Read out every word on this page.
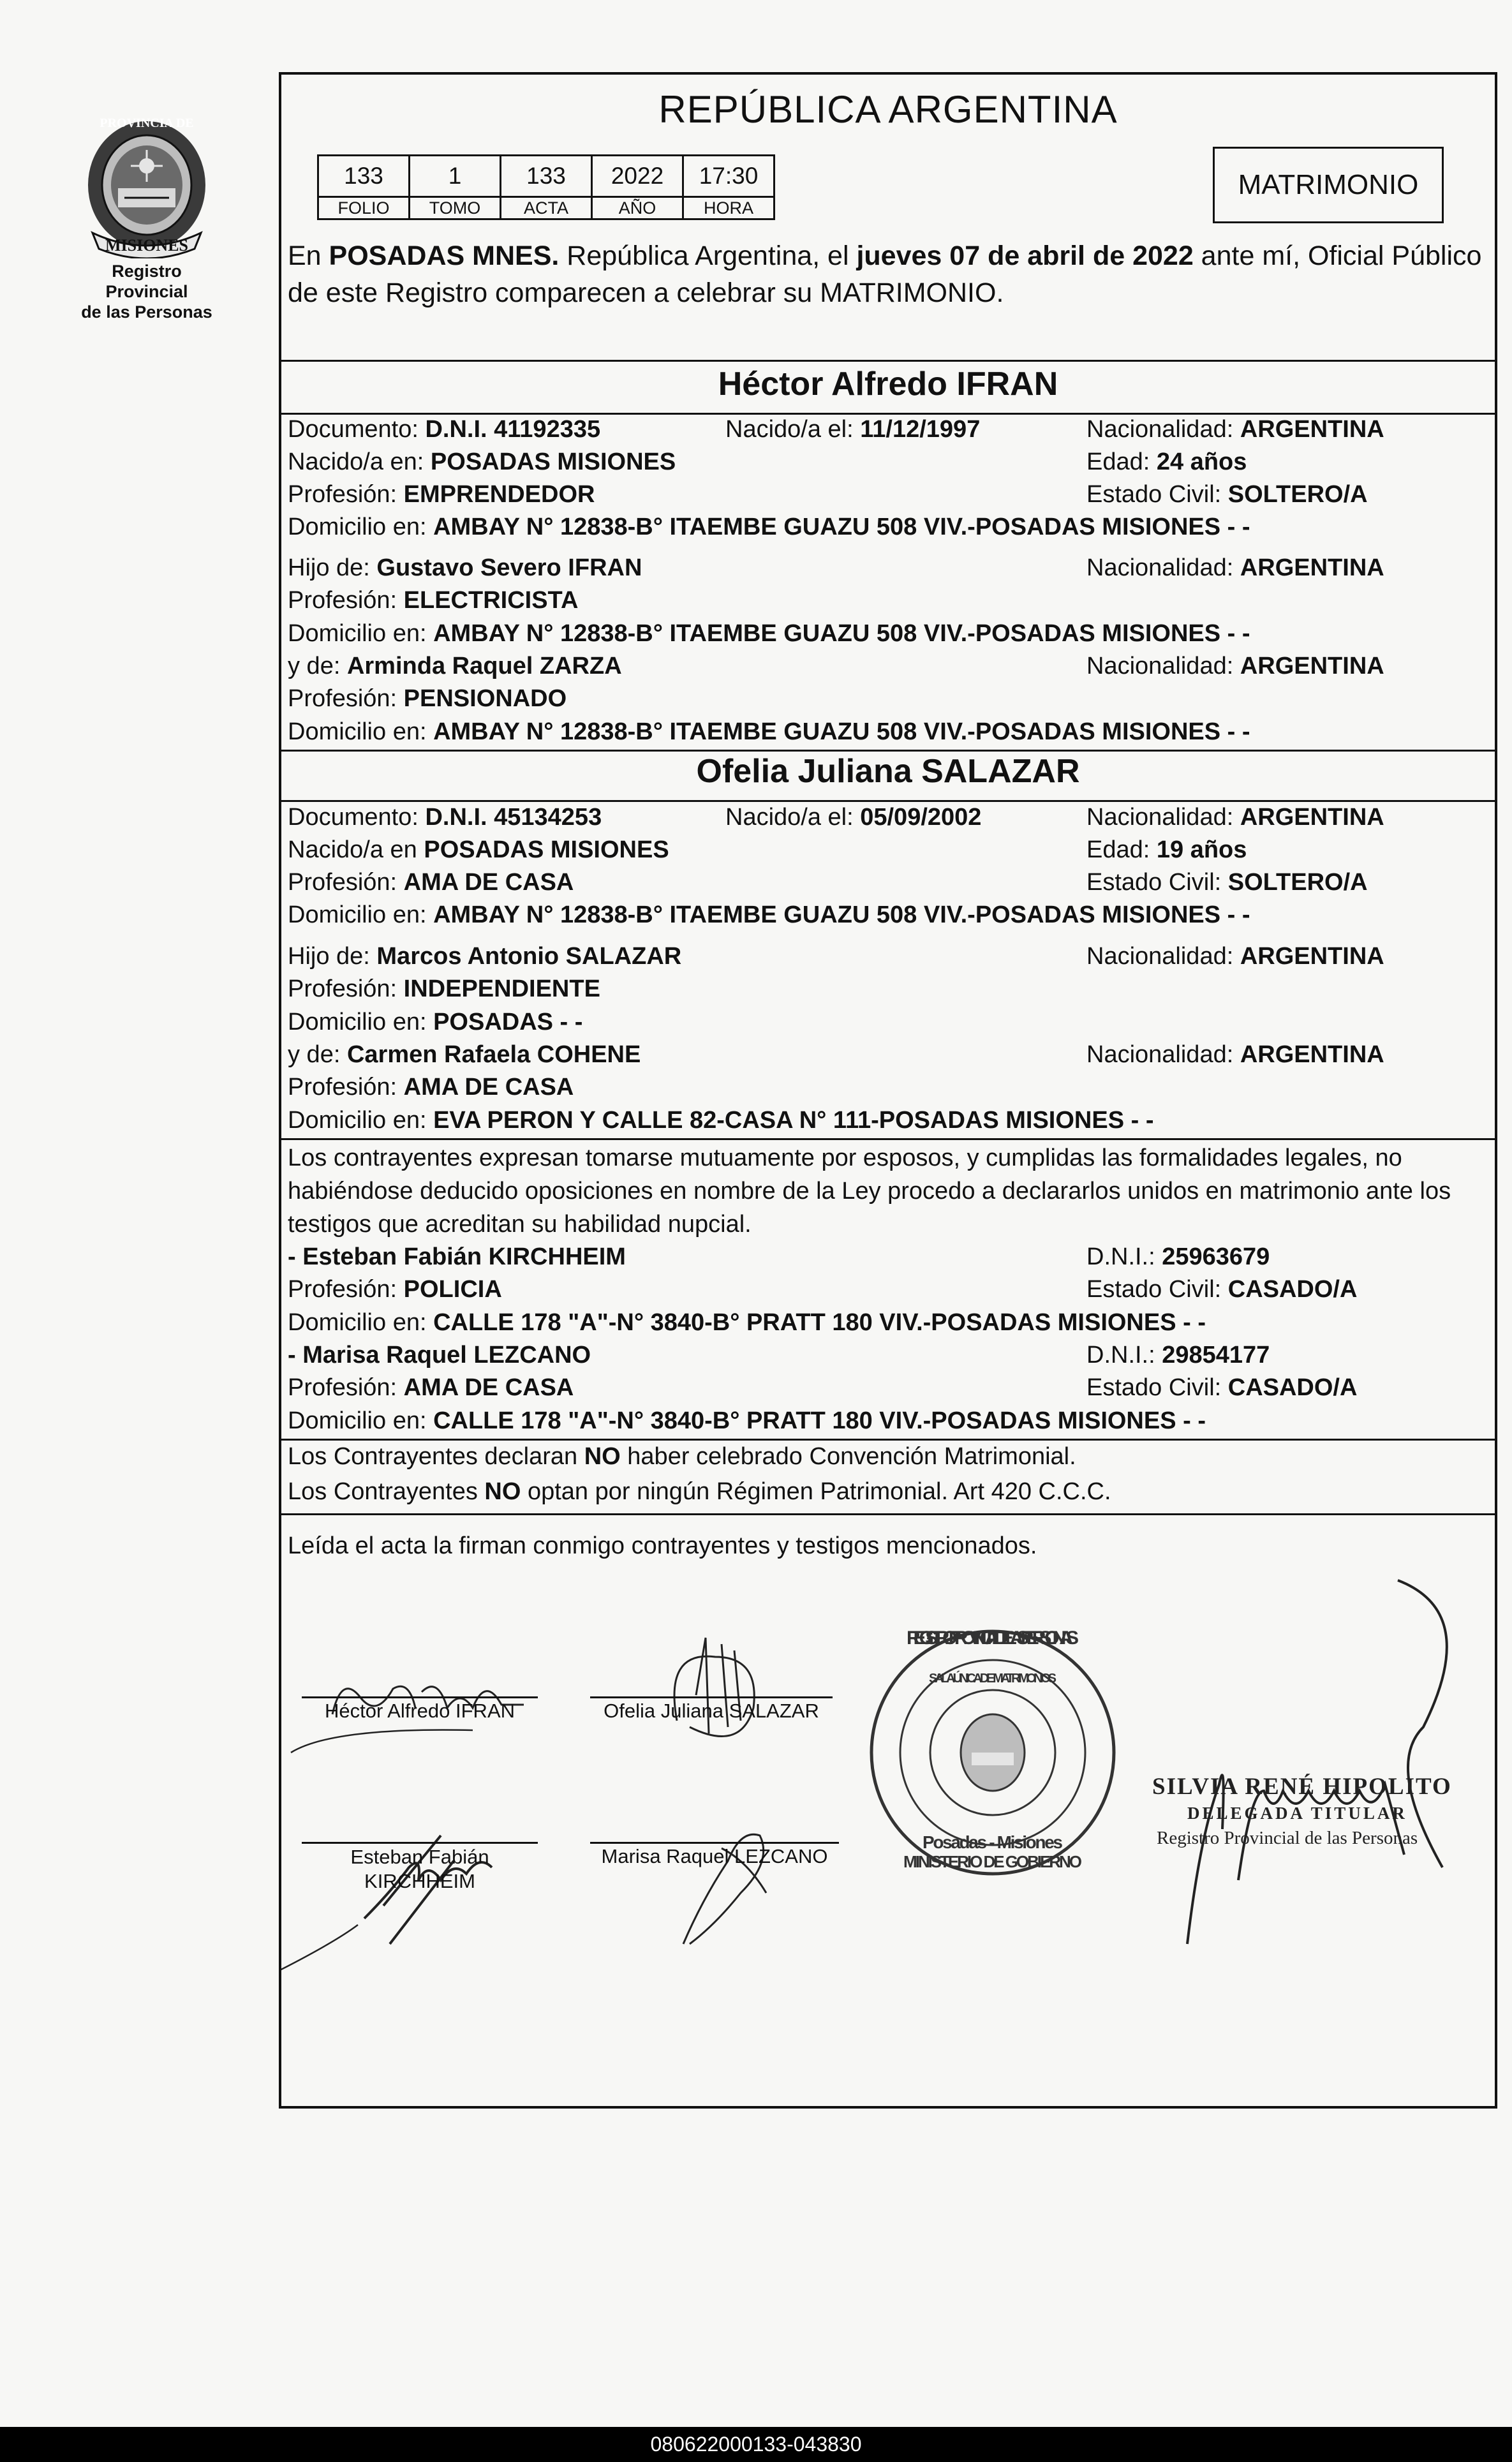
PROVINCIA DE
MISIONES
Registro Provincial
de las Personas
REPÚBLICA ARGENTINA
133	1	133	2022	17:30
FOLIO	TOMO	ACTA	AÑO	HORA
MATRIMONIO
En POSADAS MNES. República Argentina, el jueves 07 de abril de 2022 ante mí, Oficial Público de este Registro comparecen a celebrar su MATRIMONIO.
Héctor Alfredo IFRAN
Documento: D.N.I. 41192335	Nacido/a el: 11/12/1997	Nacionalidad: ARGENTINA
Nacido/a en: POSADAS MISIONES	Edad: 24 años
Profesión: EMPRENDEDOR	Estado Civil: SOLTERO/A
Domicilio en: AMBAY N° 12838-B° ITAEMBE GUAZU 508 VIV.-POSADAS MISIONES - -
Hijo de: Gustavo Severo IFRAN	Nacionalidad: ARGENTINA
Profesión: ELECTRICISTA
Domicilio en: AMBAY N° 12838-B° ITAEMBE GUAZU 508 VIV.-POSADAS MISIONES - -
y de: Arminda Raquel ZARZA	Nacionalidad: ARGENTINA
Profesión: PENSIONADO
Domicilio en: AMBAY N° 12838-B° ITAEMBE GUAZU 508 VIV.-POSADAS MISIONES - -
Ofelia Juliana SALAZAR
Documento: D.N.I. 45134253	Nacido/a el: 05/09/2002	Nacionalidad: ARGENTINA
Nacido/a en POSADAS MISIONES	Edad: 19 años
Profesión: AMA DE CASA	Estado Civil: SOLTERO/A
Domicilio en: AMBAY N° 12838-B° ITAEMBE GUAZU 508 VIV.-POSADAS MISIONES - -
Hijo de: Marcos Antonio SALAZAR	Nacionalidad: ARGENTINA
Profesión: INDEPENDIENTE
Domicilio en: POSADAS - -
y de: Carmen Rafaela COHENE	Nacionalidad: ARGENTINA
Profesión: AMA DE CASA
Domicilio en: EVA PERON Y CALLE 82-CASA N° 111-POSADAS MISIONES - -
Los contrayentes expresan tomarse mutuamente por esposos, y cumplidas las formalidades legales, no habiéndose deducido oposiciones en nombre de la Ley procedo a declararlos unidos en matrimonio ante los testigos que acreditan su habilidad nupcial.
- Esteban Fabián KIRCHHEIM	D.N.I.: 25963679
Profesión: POLICIA	Estado Civil: CASADO/A
Domicilio en: CALLE 178 "A"-N° 3840-B° PRATT 180 VIV.-POSADAS MISIONES - -
- Marisa Raquel LEZCANO	D.N.I.: 29854177
Profesión: AMA DE CASA	Estado Civil: CASADO/A
Domicilio en: CALLE 178 "A"-N° 3840-B° PRATT 180 VIV.-POSADAS MISIONES - -
Los Contrayentes declaran NO haber celebrado Convención Matrimonial.
Los Contrayentes NO optan por ningún Régimen Patrimonial. Art 420 C.C.C.
Leída el acta la firman conmigo contrayentes y testigos mencionados.
REGISTRO PROVINCIAL DE LAS PERSONAS
SALA ÚNICA DE MATRIMONIOS
Posadas - Misiones
MINISTERIO DE GOBIERNO
Héctor Alfredo IFRAN	Ofelia Juliana SALAZAR
Esteban Fabián
KIRCHHEIM
Marisa Raquel LEZCANO
SILVIA RENÉ HIPOLITO
DELEGADA TITULAR
Registro Provincial de las Personas
080622000133-043830
